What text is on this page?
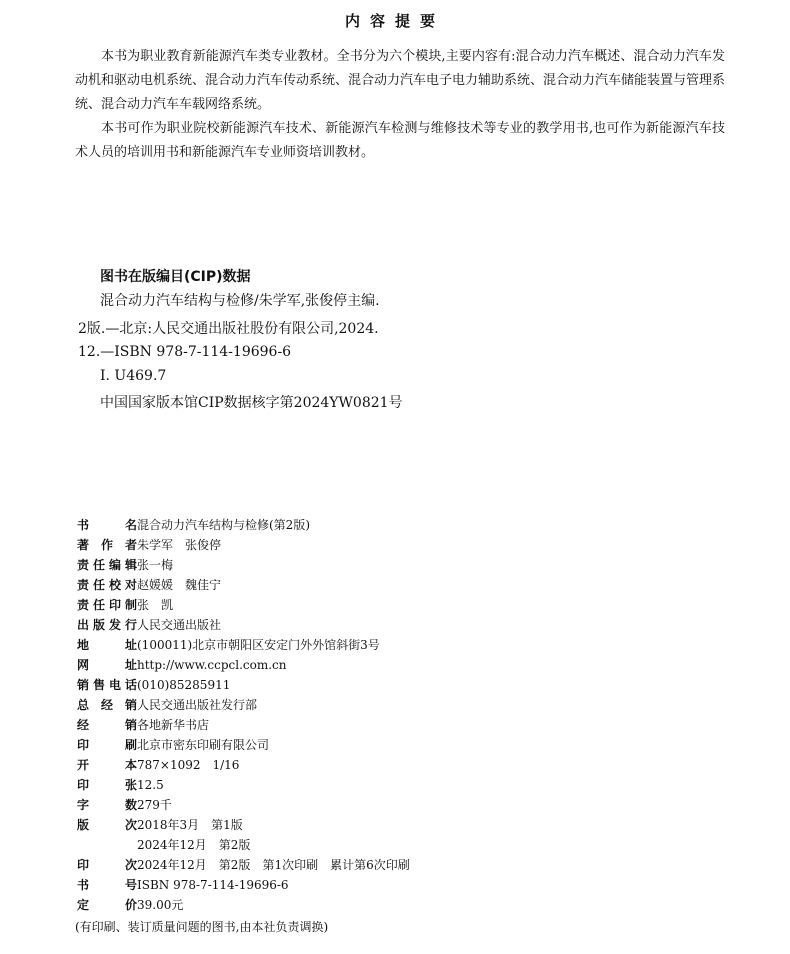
内容提要

本书为职业教育新能源汽车类专业教材。全书分为六个模块,主要内容有:混合动力汽车概述、混合动力汽车发动机和驱动电机系统、混合动力汽车传动系统、混合动力汽车电子电力辅助系统、混合动力汽车储能装置与管理系统、混合动力汽车车载网络系统。

本书可作为职业院校新能源汽车技术、新能源汽车检测与维修技术等专业的教学用书,也可作为新能源汽车技术人员的培训用书和新能源汽车专业师资培训教材。

图书在版编目(CIP)数据
混合动力汽车结构与检修/朱学军,张俊停主编.
2版.—北京:人民交通出版社股份有限公司,2024.
12.—ISBN 978-7-114-19696-6
Ⅰ. U469.7
中国国家版本馆CIP数据核字第2024YW0821号
书名混合动力汽车结构与检修(第2版)
著作者朱学军　张俊停
责任编辑张一梅
责任校对赵媛媛　魏佳宁
责任印制张　凯
出版发行人民交通出版社
地址(100011)北京市朝阳区安定门外外馆斜街3号
网址http://www.ccpcl.com.cn
销售电话(010)85285911
总经销人民交通出版社发行部
经销各地新华书店
印刷北京市密东印刷有限公司
开本787×1092　1/16
印张12.5
字数279千
版次2018年3月　第1版
2024年12月　第2版
印次2024年12月　第2版　第1次印刷　累计第6次印刷
书号ISBN 978-7-114-19696-6
定价39.00元
(有印刷、装订质量问题的图书,由本社负责调换)
